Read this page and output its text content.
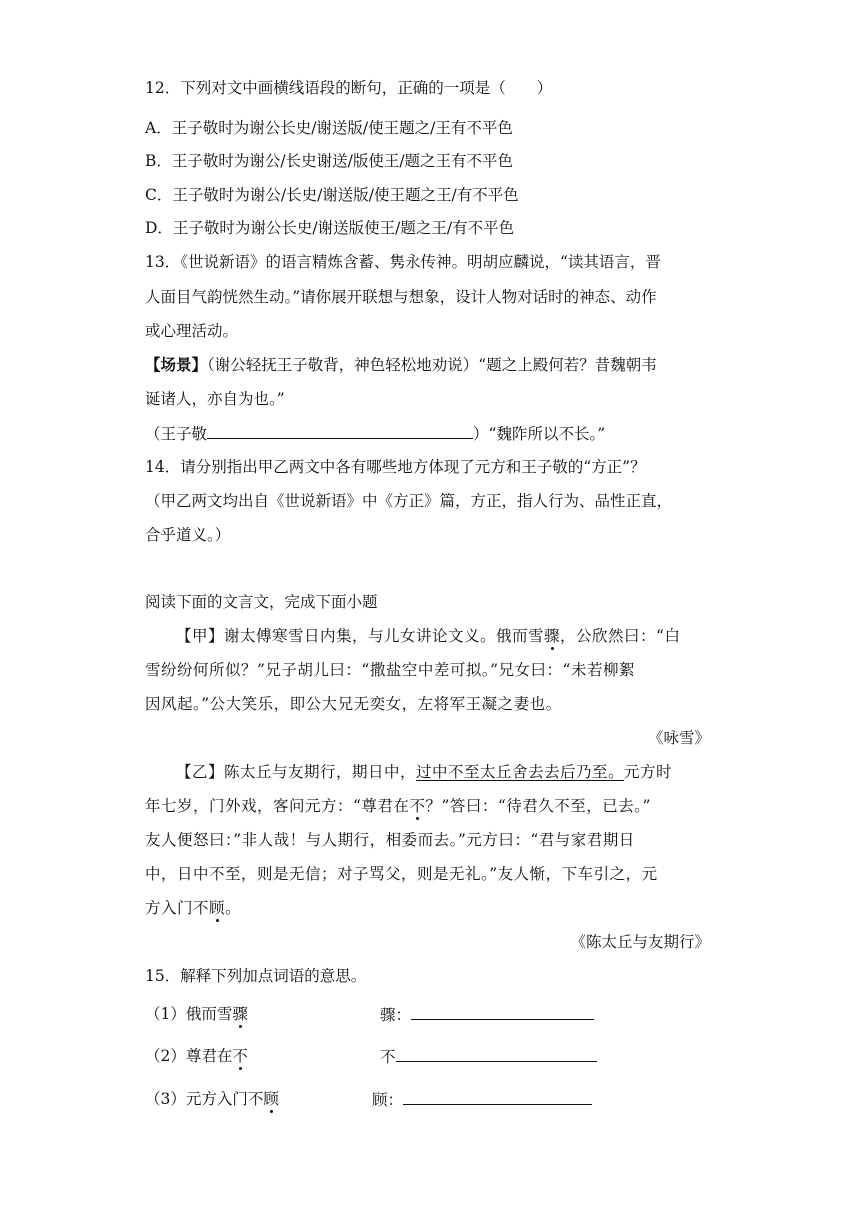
12．下列对文中画横线语段的断句，正确的一项是（　　）
A．王子敬时为谢公长史/谢送版/使王题之/王有不平色
B．王子敬时为谢公/长史谢送/版使王/题之王有不平色
C．王子敬时为谢公/长史/谢送版/使王题之王/有不平色
D．王子敬时为谢公长史/谢送版使王/题之王/有不平色
13．《世说新语》的语言精炼含蓄、隽永传神。明胡应麟说，“读其语言，晋
人面目气韵恍然生动。”请你展开联想与想象，设计人物对话时的神态、动作
或心理活动。
【场景】（谢公轻抚王子敬背，神色轻松地劝说）“题之上殿何若？昔魏朝韦
诞诸人，亦自为也。”
（王子敬	）“魏阼所以不长。”
14．请分别指出甲乙两文中各有哪些地方体现了元方和王子敬的“方正”？
（甲乙两文均出自《世说新语》中《方正》篇，方正，指人行为、品性正直，
合乎道义。）
阅读下面的文言文，完成下面小题
【甲】谢太傅寒雪日内集，与儿女讲论文义。俄而雪骤，公欣然曰：“白
雪纷纷何所似？”兄子胡儿曰：“撒盐空中差可拟。”兄女曰：“未若柳絮
因风起。”公大笑乐，即公大兄无奕女，左将军王凝之妻也。
《咏雪》
【乙】陈太丘与友期行，期日中，过中不至太丘舍去去后乃至。元方时
年七岁，门外戏，客问元方：“尊君在不？”答曰：“待君久不至，已去。”
友人便怒曰：”非人哉！与人期行，相委而去。”元方曰：“君与家君期日
中，日中不至，则是无信；对子骂父，则是无礼。”友人惭，下车引之，元
方入门不顾。
《陈太丘与友期行》
15．解释下列加点词语的意思。
（1）俄而雪骤	骤：
（2）尊君在不	不
（3）元方入门不顾	顾：
